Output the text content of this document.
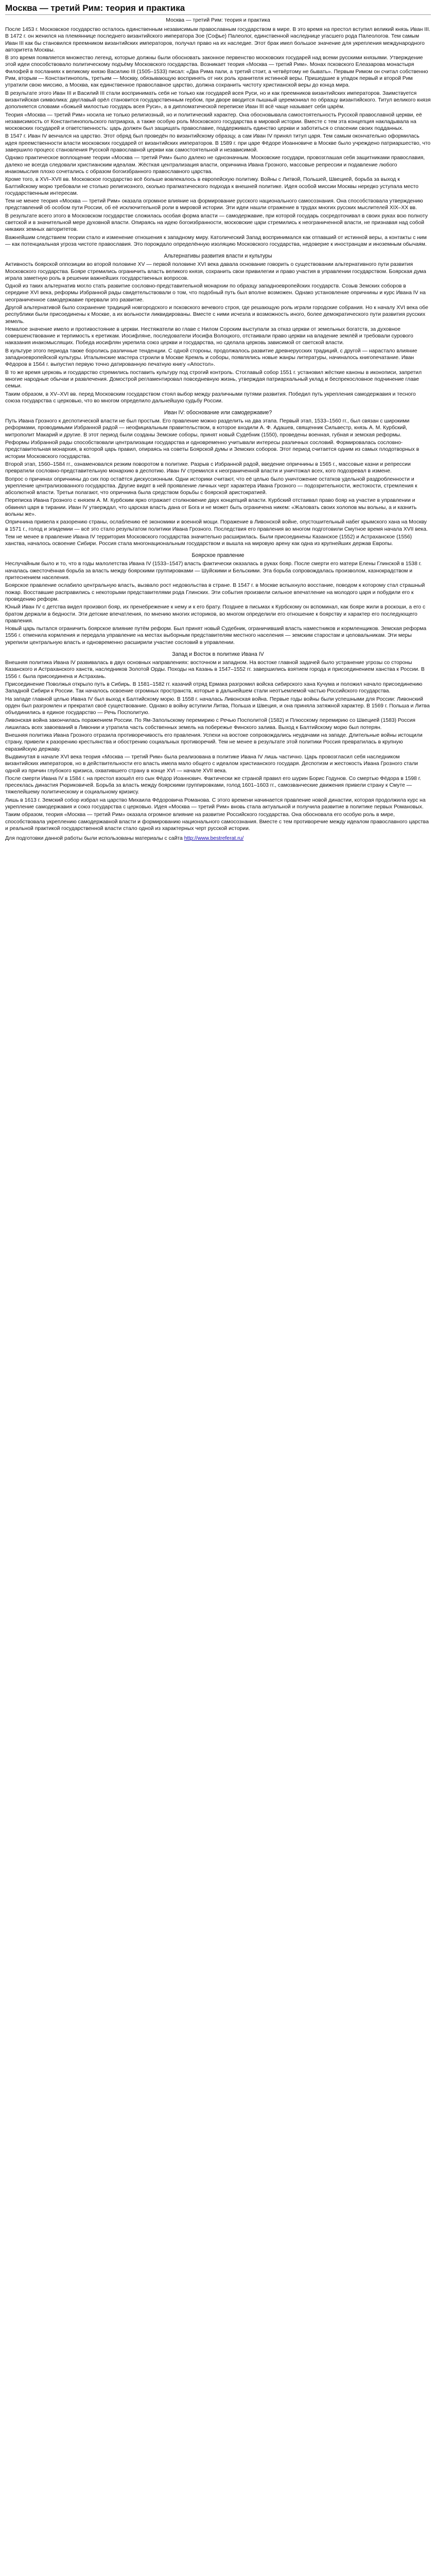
Москва — третий Рим: теория и практика
Москва — третий Рим: теория и практика

После 1453 г. Московское государство осталось единственным независимым православным государством в мире. В это время на престол вступил великий князь Иван III. В 1472 г. он женился на племяннице последнего византийского императора Зое (Софье) Палеолог, единственной наследнице угасшего рода Палеологов. Тем самым Иван III как бы становился преемником византийских императоров, получал право на их наследие. Этот брак имел большое значение для укрепления международного авторитета Москвы.

В это время появляется множество легенд, которые должны были обосновать законное первенство московских государей над всеми русскими князьями. Утверждение этой идеи способствовало политическому подъёму Московского государства. Возникает теория «Москва — третий Рим». Монах псковского Елеазарова монастыря Филофей в посланиях к великому князю Василию III (1505–1533) писал: «Два Рима пали, а третий стоит, а четвёртому не бывать». Первым Римом он считал собственно Рим, вторым — Константинополь, третьим — Москву, обязывающую воспринять от них роль хранителя истинной веры. Пришедшие в упадок первый и второй Рим утратили свою миссию, а Москва, как единственное православное царство, должна сохранить чистоту христианской веры до конца мира.

В результате этого Иван III и Василий III стали воспринимать себя не только как государей всея Руси, но и как преемников византийских императоров. Заимствуется византийская символика: двуглавый орёл становится государственным гербом, при дворе вводится пышный церемониал по образцу византийского. Титул великого князя дополняется словами «божьей милостью государь всея Руси», а в дипломатической переписке Иван III всё чаще называет себя царём.

Теория «Москва — третий Рим» носила не только религиозный, но и политический характер. Она обосновывала самостоятельность Русской православной церкви, её независимость от Константинопольского патриарха, а также особую роль Московского государства в мировой истории. Вместе с тем эта концепция накладывала на московских государей и ответственность: царь должен был защищать православие, поддерживать единство церкви и заботиться о спасении своих подданных.

В 1547 г. Иван IV венчался на царство. Этот обряд был проведён по византийскому образцу, а сам Иван IV принял титул царя. Тем самым окончательно оформилась идея преемственности власти московских государей от византийских императоров. В 1589 г. при царе Фёдоре Иоанновиче в Москве было учреждено патриаршество, что завершило процесс становления Русской православной церкви как самостоятельной и независимой.

Однако практическое воплощение теории «Москва — третий Рим» было далеко не однозначным. Московские государи, провозглашая себя защитниками православия, далеко не всегда следовали христианским идеалам. Жёсткая централизация власти, опричнина Ивана Грозного, массовые репрессии и подавление любого инакомыслия плохо сочетались с образом богоизбранного православного царства.

Кроме того, в XVI–XVII вв. Московское государство всё больше вовлекалось в европейскую политику. Войны с Литвой, Польшей, Швецией, борьба за выход к Балтийскому морю требовали не столько религиозного, сколько прагматического подхода к внешней политике. Идея особой миссии Москвы нередко уступала место государственным интересам.

Тем не менее теория «Москва — третий Рим» оказала огромное влияние на формирование русского национального самосознания. Она способствовала утверждению представлений об особом пути России, об её исключительной роли в мировой истории. Эти идеи нашли отражение в трудах многих русских мыслителей XIX–XX вв.

В результате всего этого в Московском государстве сложилась особая форма власти — самодержавие, при которой государь сосредоточивал в своих руках всю полноту светской и в значительной мере духовной власти. Опираясь на идею богоизбранности, московские цари стремились к неограниченной власти, не признавая над собой никаких земных авторитетов.

Важнейшим следствием теории стало и изменение отношения к западному миру. Католический Запад воспринимался как отпавший от истинной веры, а контакты с ним — как потенциальная угроза чистоте православия. Это порождало определённую изоляцию Московского государства, недоверие к иностранцам и иноземным обычаям.

Альтернативы развития власти и культуры

Активность боярской оппозиции во второй половине XV — первой половине XVI века давала основание говорить о существовании альтернативного пути развития Московского государства. Бояре стремились ограничить власть великого князя, сохранить свои привилегии и право участия в управлении государством. Боярская дума играла заметную роль в решении важнейших государственных вопросов.

Одной из таких альтернатив могло стать развитие сословно-представительной монархии по образцу западноевропейских государств. Созыв Земских соборов в середине XVI века, реформы Избранной рады свидетельствовали о том, что подобный путь был вполне возможен. Однако установление опричнины и курс Ивана IV на неограниченное самодержавие прервали это развитие.

Другой альтернативой было сохранение традиций новгородского и псковского вечевого строя, где решающую роль играли городские собрания. Но к началу XVI века обе республики были присоединены к Москве, а их вольности ликвидированы. Вместе с ними исчезла и возможность иного, более демократического пути развития русских земель.

Немалое значение имело и противостояние в церкви. Нестяжатели во главе с Нилом Сорским выступали за отказ церкви от земельных богатств, за духовное совершенствование и терпимость к еретикам. Иосифляне, последователи Иосифа Волоцкого, отстаивали право церкви на владение землёй и требовали сурового наказания инакомыслящих. Победа иосифлян укрепила союз церкви и государства, но сделала церковь зависимой от светской власти.

В культуре этого периода также боролись различные тенденции. С одной стороны, продолжалось развитие древнерусских традиций, с другой — нарастало влияние западноевропейской культуры. Итальянские мастера строили в Москве Кремль и соборы, появлялись новые жанры литературы, начиналось книгопечатание. Иван Фёдоров в 1564 г. выпустил первую точно датированную печатную книгу «Апостол».

В то же время церковь и государство стремились поставить культуру под строгий контроль. Стоглавый собор 1551 г. установил жёсткие каноны в иконописи, запретил многие народные обычаи и развлечения. Домострой регламентировал повседневную жизнь, утверждая патриархальный уклад и беспрекословное подчинение главе семьи.

Таким образом, в XV–XVI вв. перед Московским государством стоял выбор между различными путями развития. Победил путь укрепления самодержавия и тесного союза государства с церковью, что во многом определило дальнейшую судьбу России.

Иван IV: обоснование или самодержавие?

Путь Ивана Грозного к деспотической власти не был простым. Его правление можно разделить на два этапа. Первый этап, 1533–1560 гг., был связан с широкими реформами, проводимыми Избранной радой — неофициальным правительством, в которое входили А. Ф. Адашев, священник Сильвестр, князь А. М. Курбский, митрополит Макарий и другие. В этот период были созданы Земские соборы, принят новый Судебник (1550), проведены военная, губная и земская реформы.

Реформы Избранной рады способствовали централизации государства и одновременно учитывали интересы различных сословий. Формировалась сословно-представительная монархия, в которой царь правил, опираясь на советы Боярской думы и Земских соборов. Этот период считается одним из самых плодотворных в истории Московского государства.

Второй этап, 1560–1584 гг., ознаменовался резким поворотом в политике. Разрыв с Избранной радой, введение опричнины в 1565 г., массовые казни и репрессии превратили сословно-представительную монархию в деспотию. Иван IV стремился к неограниченной власти и уничтожал всех, кого подозревал в измене.

Вопрос о причинах опричнины до сих пор остаётся дискуссионным. Одни историки считают, что её целью было уничтожение остатков удельной раздробленности и укрепление централизованного государства. Другие видят в ней проявление личных черт характера Ивана Грозного — подозрительности, жестокости, стремления к абсолютной власти. Третьи полагают, что опричнина была средством борьбы с боярской аристократией.

Переписка Ивана Грозного с князем А. М. Курбским ярко отражает столкновение двух концепций власти. Курбский отстаивал право бояр на участие в управлении и обвинял царя в тирании. Иван IV утверждал, что царская власть дана от Бога и не может быть ограничена никем: «Жаловать своих холопов мы вольны, а и казнить вольны же».

Опричнина привела к разорению страны, ослаблению её экономики и военной мощи. Поражение в Ливонской войне, опустошительный набег крымского хана на Москву в 1571 г., голод и эпидемии — всё это стало результатом политики Ивана Грозного. Последствия его правления во многом подготовили Смутное время начала XVII века.

Тем не менее в правление Ивана IV территория Московского государства значительно расширилась. Были присоединены Казанское (1552) и Астраханское (1556) ханства, началось освоение Сибири. Россия стала многонациональным государством и вышла на мировую арену как одна из крупнейших держав Европы.

Боярское правление

Неслучайным было и то, что в годы малолетства Ивана IV (1533–1547) власть фактически оказалась в руках бояр. После смерти его матери Елены Глинской в 1538 г. началась ожесточённая борьба за власть между боярскими группировками — Шуйскими и Бельскими. Эта борьба сопровождалась произволом, казнокрадством и притеснением населения.

Боярское правление ослабило центральную власть, вызвало рост недовольства в стране. В 1547 г. в Москве вспыхнуло восстание, поводом к которому стал страшный пожар. Восставшие расправились с некоторыми представителями рода Глинских. Эти события произвели сильное впечатление на молодого царя и побудили его к проведению реформ.

Юный Иван IV с детства видел произвол бояр, их пренебрежение к нему и к его брату. Позднее в письмах к Курбскому он вспоминал, как бояре жили в роскоши, а его с братом держали в бедности. Эти детские впечатления, по мнению многих историков, во многом определили его отношение к боярству и характер его последующего правления.

Новый царь пытался ограничить боярское влияние путём реформ. Был принят новый Судебник, ограничивший власть наместников и кормленщиков. Земская реформа 1556 г. отменила кормления и передала управление на местах выборным представителям местного населения — земским старостам и целовальникам. Эти меры укрепили центральную власть и одновременно расширили участие сословий в управлении.

Запад и Восток в политике Ивана IV

Внешняя политика Ивана IV развивалась в двух основных направлениях: восточном и западном. На востоке главной задачей было устранение угрозы со стороны Казанского и Астраханского ханств, наследников Золотой Орды. Походы на Казань в 1547–1552 гг. завершились взятием города и присоединением ханства к России. В 1556 г. была присоединена и Астрахань.

Присоединение Поволжья открыло путь в Сибирь. В 1581–1582 гг. казачий отряд Ермака разгромил войска сибирского хана Кучума и положил начало присоединению Западной Сибири к России. Так началось освоение огромных пространств, которые в дальнейшем стали неотъемлемой частью Российского государства.

На западе главной целью Ивана IV был выход к Балтийскому морю. В 1558 г. началась Ливонская война. Первые годы войны были успешными для России: Ливонский орден был разгромлен и прекратил своё существование. Однако в войну вступили Литва, Польша и Швеция, и она приняла затяжной характер. В 1569 г. Польша и Литва объединились в единое государство — Речь Посполитую.

Ливонская война закончилась поражением России. По Ям-Запольскому перемирию с Речью Посполитой (1582) и Плюсскому перемирию со Швецией (1583) Россия лишилась всех завоеваний в Ливонии и утратила часть собственных земель на побережье Финского залива. Выход к Балтийскому морю был потерян.

Внешняя политика Ивана Грозного отразила противоречивость его правления. Успехи на востоке сопровождались неудачами на западе. Длительные войны истощили страну, привели к разорению крестьянства и обострению социальных противоречий. Тем не менее в результате этой политики Россия превратилась в крупную евразийскую державу.

Выдвинутая в начале XVI века теория «Москва — третий Рим» была реализована в политике Ивана IV лишь частично. Царь провозгласил себя наследником византийских императоров, но в действительности его власть имела мало общего с идеалом христианского государя. Деспотизм и жестокость Ивана Грозного стали одной из причин глубокого кризиса, охватившего страну в конце XVI — начале XVII века.

После смерти Ивана IV в 1584 г. на престол взошёл его сын Фёдор Иоаннович. Фактически же страной правил его шурин Борис Годунов. Со смертью Фёдора в 1598 г. пресеклась династия Рюриковичей. Борьба за власть между боярскими группировками, голод 1601–1603 гг., самозванческие движения привели страну к Смуте — тяжелейшему политическому и социальному кризису.

Лишь в 1613 г. Земский собор избрал на царство Михаила Фёдоровича Романова. С этого времени начинается правление новой династии, которая продолжила курс на укрепление самодержавия и союз государства с церковью. Идея «Москва — третий Рим» вновь стала актуальной и получила развитие в политике первых Романовых.

Таким образом, теория «Москва — третий Рим» оказала огромное влияние на развитие Российского государства. Она обосновала его особую роль в мире, способствовала укреплению самодержавной власти и формированию национального самосознания. Вместе с тем противоречие между идеалом православного царства и реальной практикой государственной власти стало одной из характерных черт русской истории.

Для подготовки данной работы были использованы материалы с сайта http://www.bestreferat.ru/
